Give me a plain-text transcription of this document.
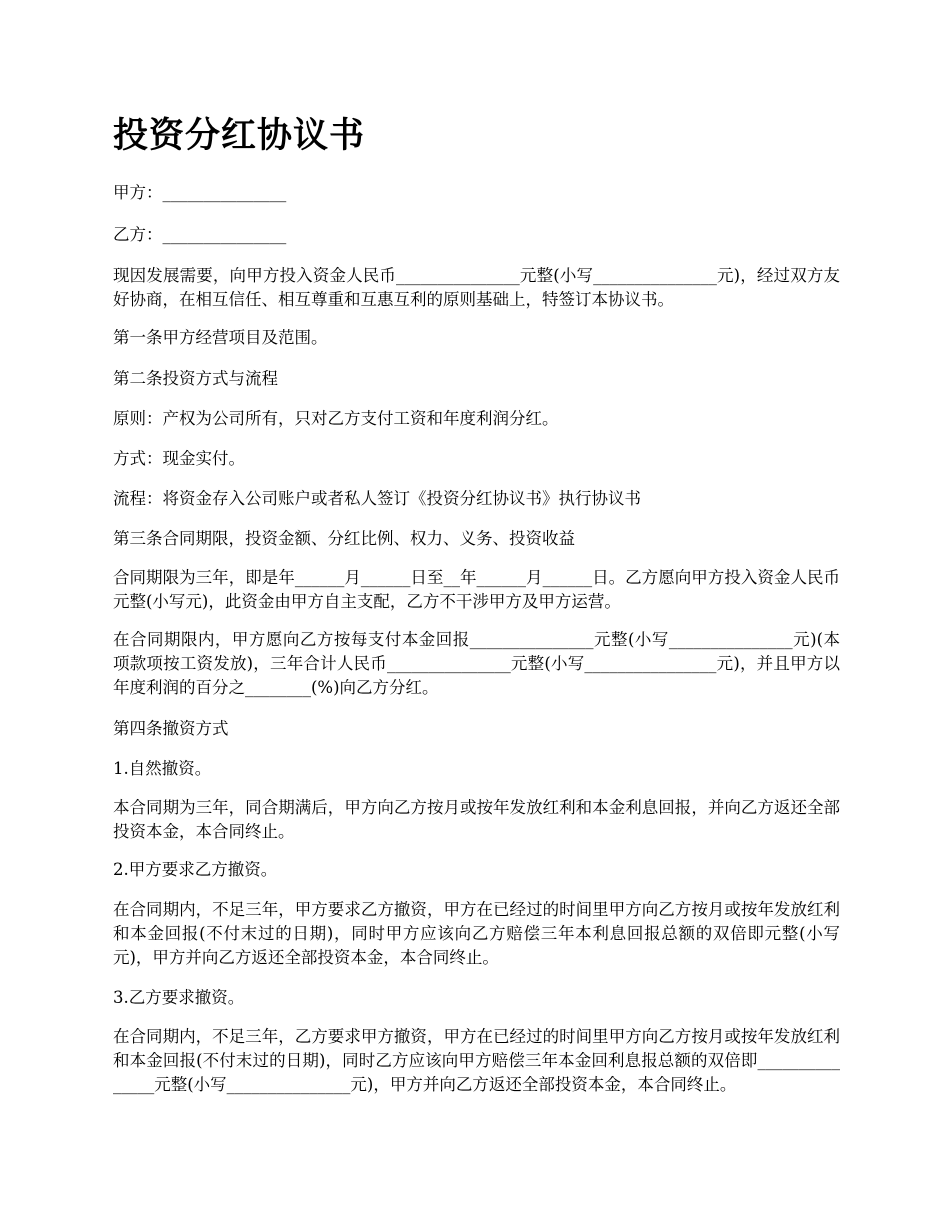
投资分红协议书

甲方：_______________

乙方：_______________

现因发展需要，向甲方投入资金人民币_______________元整(小写_______________元)，经过双方友好协商，在相互信任、相互尊重和互惠互利的原则基础上，特签订本协议书。

第一条甲方经营项目及范围。

第二条投资方式与流程

原则：产权为公司所有，只对乙方支付工资和年度利润分红。

方式：现金实付。

流程：将资金存入公司账户或者私人签订《投资分红协议书》执行协议书

第三条合同期限，投资金额、分红比例、权力、义务、投资收益

合同期限为三年，即是年______月______日至__年______月______日。乙方愿向甲方投入资金人民币元整(小写元)，此资金由甲方自主支配，乙方不干涉甲方及甲方运营。

在合同期限内，甲方愿向乙方按每支付本金回报_______________元整(小写_______________元)(本项款项按工资发放)，三年合计人民币_______________元整(小写________________元)，并且甲方以年度利润的百分之________(%)向乙方分红。

第四条撤资方式

1.自然撤资。

本合同期为三年，同合期满后，甲方向乙方按月或按年发放红利和本金利息回报，并向乙方返还全部投资本金，本合同终止。

2.甲方要求乙方撤资。

在合同期内，不足三年，甲方要求乙方撤资，甲方在已经过的时间里甲方向乙方按月或按年发放红利和本金回报(不付末过的日期)，同时甲方应该向乙方赔偿三年本利息回报总额的双倍即元整(小写元)，甲方并向乙方返还全部投资本金，本合同终止。

3.乙方要求撤资。

在合同期内，不足三年，乙方要求甲方撤资，甲方在已经过的时间里甲方向乙方按月或按年发放红利和本金回报(不付末过的日期)，同时乙方应该向甲方赔偿三年本金回利息报总额的双倍即_______________元整(小写_______________元)，甲方并向乙方返还全部投资本金，本合同终止。
